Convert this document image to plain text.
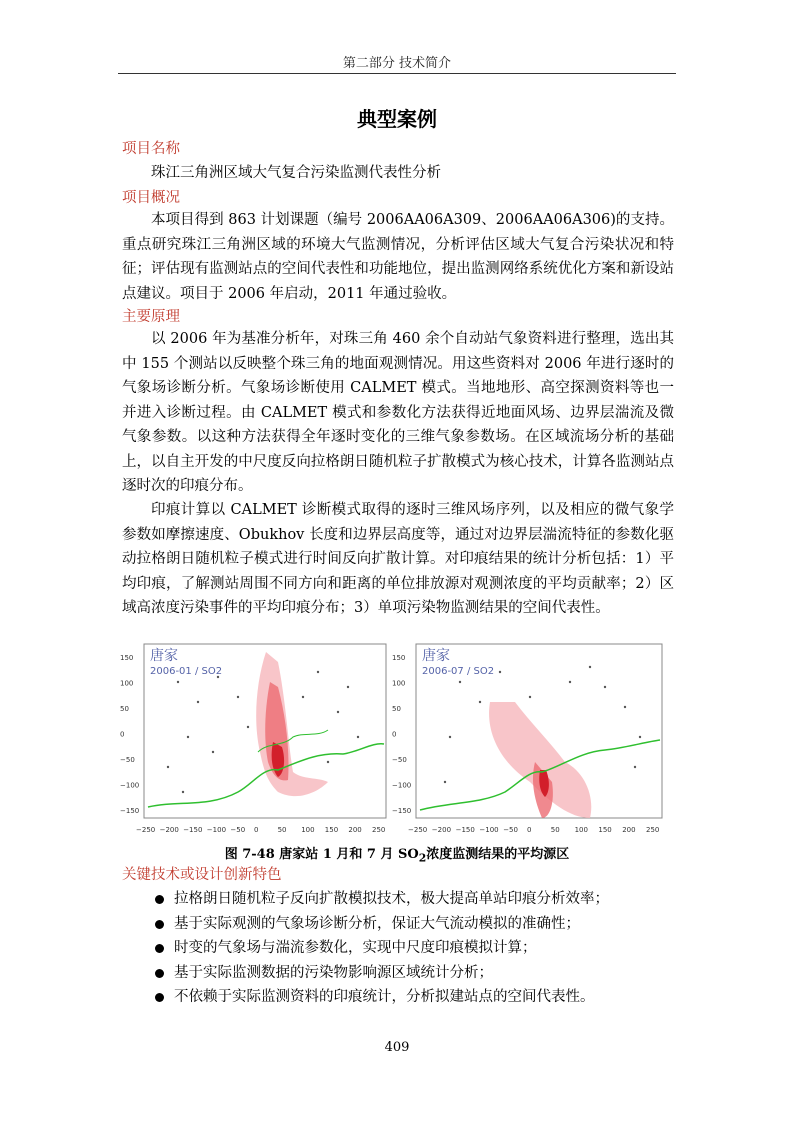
第二部分 技术简介
典型案例
项目名称
珠江三角洲区域大气复合污染监测代表性分析
项目概况

本项目得到 863 计划课题（编号 2006AA06A309、2006AA06A306)的支持。重点研究珠江三角洲区域的环境大气监测情况，分析评估区域大气复合污染状况和特征；评估现有监测站点的空间代表性和功能地位，提出监测网络系统优化方案和新设站点建议。项目于 2006 年启动，2011 年通过验收。

主要原理

以 2006 年为基准分析年，对珠三角 460 余个自动站气象资料进行整理，选出其中 155 个测站以反映整个珠三角的地面观测情况。用这些资料对 2006 年进行逐时的气象场诊断分析。气象场诊断使用 CALMET 模式。当地地形、高空探测资料等也一并进入诊断过程。由 CALMET 模式和参数化方法获得近地面风场、边界层湍流及微气象参数。以这种方法获得全年逐时变化的三维气象参数场。在区域流场分析的基础上，以自主开发的中尺度反向拉格朗日随机粒子扩散模式为核心技术，计算各监测站点逐时次的印痕分布。

印痕计算以 CALMET 诊断模式取得的逐时三维风场序列，以及相应的微气象学参数如摩擦速度、Obukhov 长度和边界层高度等，通过对边界层湍流特征的参数化驱动拉格朗日随机粒子模式进行时间反向扩散计算。对印痕结果的统计分析包括：1）平均印痕，了解测站周围不同方向和距离的单位排放源对观测浓度的平均贡献率；2）区域高浓度污染事件的平均印痕分布；3）单项污染物监测结果的空间代表性。

150
100
50
0
−50
−100
−150
−250 −200 −150 −100 −50 0	50 100 150 200 250
唐家
2006-01 / SO2
150
100
50
0
−50
−100
−150
−250 −200 −150 −100 −50 0	50 100 150 200 250
唐家
2006-07 / SO2
图 7-48 唐家站 1 月和 7 月 $SO_2$浓度监测结果的平均源区
关键技术或设计创新特色
拉格朗日随机粒子反向扩散模拟技术，极大提高单站印痕分析效率；
基于实际观测的气象场诊断分析，保证大气流动模拟的准确性；
时变的气象场与湍流参数化，实现中尺度印痕模拟计算；
基于实际监测数据的污染物影响源区域统计分析；
不依赖于实际监测资料的印痕统计，分析拟建站点的空间代表性。
409
